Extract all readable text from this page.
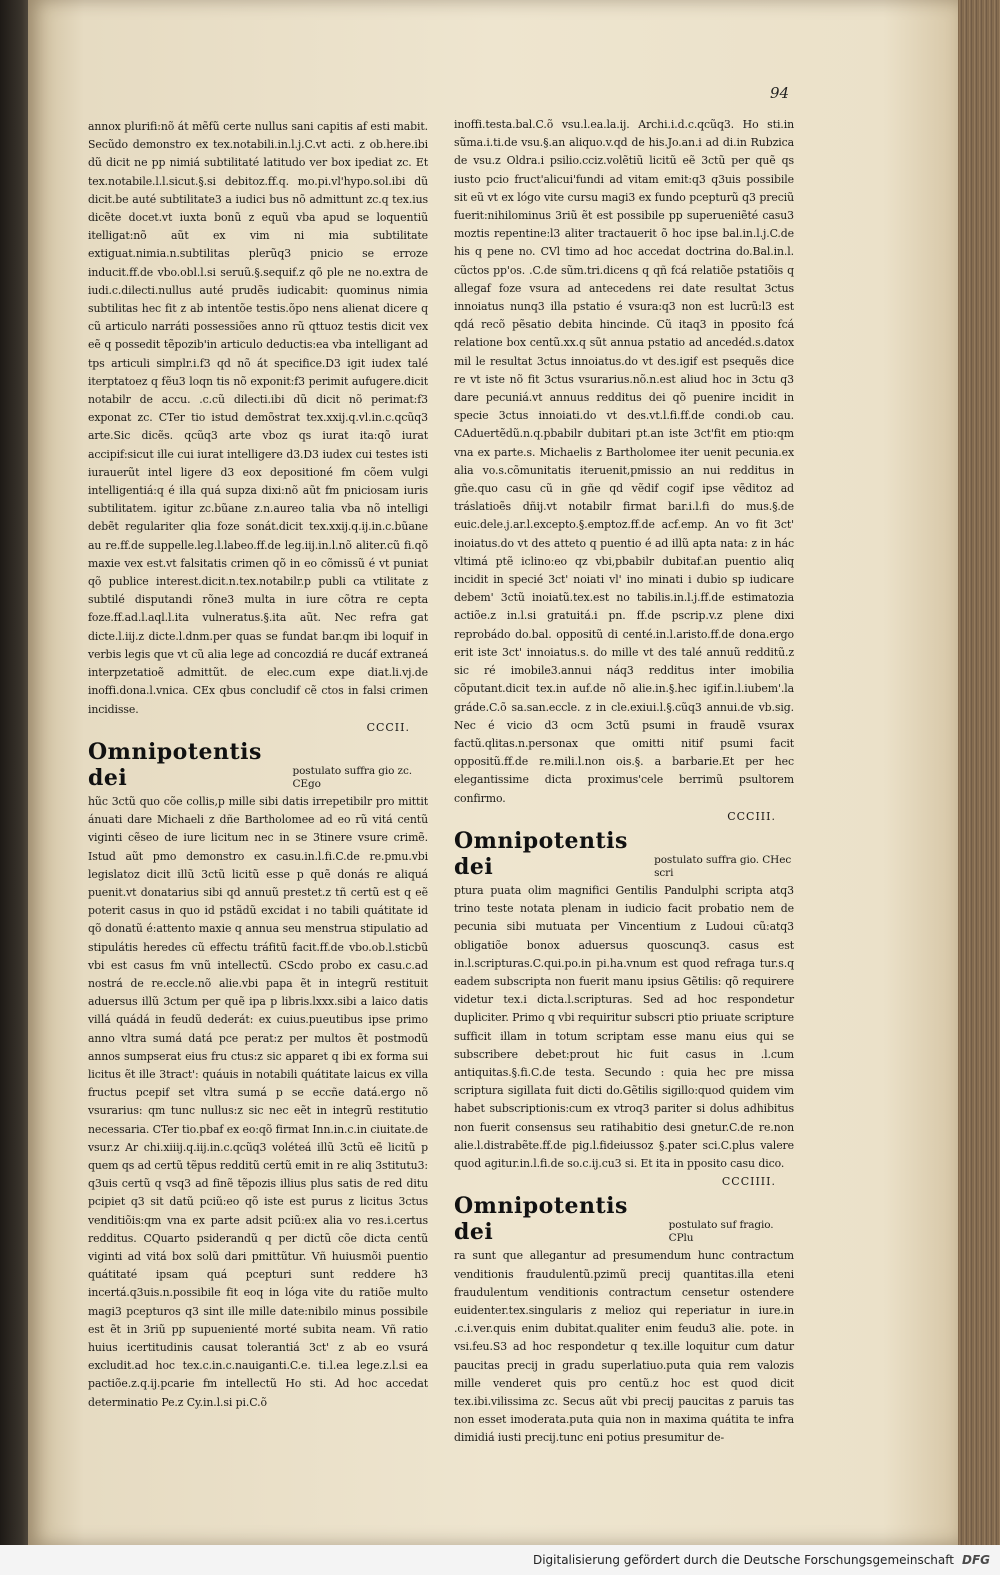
94

annox plurifi:nõ át mẽfũ certe nullus sani capitis af esti mabit. Secũdo demonstro ex tex.notabili.in.l.j.C.vt acti. z ob.here.ibi dũ dicit ne pp nimiá subtilitaté latitudo ver box ipediat zc. Et tex.notabile.l.l.sicut.§.si debitoz.ff.q. mo.pi.vl'hypo.sol.ibi dũ dicit.be auté subtilitate3 a iudici bus nõ admittunt zc.q tex.ius dicẽte docet.vt iuxta bonũ z equũ vba apud se loquentiũ itelligat:nõ aũt ex vim ni mia subtilitate extiguat.nimia.n.subtilitas plerũq3 pnicio se erroze inducit.ff.de vbo.obl.l.si seruũ.§.sequif.z qõ ple ne no.extra de iudi.c.dilecti.nullus auté prudẽs iudicabit: quominus nimia subtilitas hec fit z ab intentõe testis.õpo nens alienat dicere q cũ articulo narráti possessiões anno rũ qttuoz testis dicit vex eẽ q possedit tẽpozib'in articulo deductis:ea vba intelligant ad tps articuli simplr.i.f3 qd nõ át specifice.D3 igit iudex talé iterptatoez q fẽu3 loqn tis nõ exponit:f3 perimit aufugere.dicit notabilr de accu. .c.cũ dilecti.ibi dũ dicit nõ perimat:f3 exponat zc. CTer tio istud demõstrat tex.xxij.q.vl.in.c.qcũq3 arte.Sic dicẽs. qcũq3 arte vboz qs iurat ita:qõ iurat accipif:sicut ille cui iurat intelligere d3.D3 iudex cui testes isti iurauerũt intel ligere d3 eox depositioné fm cõem vulgi intelligentiá:q é illa quá supza dixi:nõ aũt fm pniciosam iuris subtilitatem. igitur zc.bũane z.n.aureo talia vba nõ intelligi debẽt regulariter qlia foze sonát.dicit tex.xxij.q.ij.in.c.bũane au re.ff.de suppelle.leg.l.labeo.ff.de leg.iij.in.l.nõ aliter.cũ fi.qõ maxie vex est.vt falsitatis crimen qõ in eo cõmissũ é vt puniat qõ publice interest.dicit.n.tex.notabilr.p publi ca vtilitate z subtilé disputandi rõne3 multa in iure cõtra re cepta foze.ff.ad.l.aql.l.ita vulneratus.§.ita aũt. Nec refra gat dicte.l.iij.z dicte.l.dnm.per quas se fundat bar.qm ibi loquif in verbis legis que vt cũ alia lege ad concozdiá re ducáf extraneá interpzetatioẽ admittũt. de elec.cum expe diat.li.vj.de inoffi.dona.l.vnica. CEx qbus concludif cẽ ctos in falsi crimen incidisse.

CCCII.
Omnipotentis dei	postulato suffra gio zc. CEgo

hũc 3ctũ quo cõe collis,p mille sibi datis irrepetibilr pro mittit ánuati dare Michaeli z dñe Bartholomee ad eo rũ vitá centũ viginti cẽseo de iure licitum nec in se 3tinere vsure crimẽ. Istud aũt pmo demonstro ex casu.in.l.fi.C.de re.pmu.vbi legislatoz dicit illũ 3ctũ licitũ esse p quẽ donás re aliquá puenit.vt donatarius sibi qd annuũ prestet.z tñ certũ est q eẽ poterit casus in quo id pstãdũ excidat i no tabili quátitate id qõ donatũ é:attento maxie q annua seu menstrua stipulatio ad stipulátis heredes cũ effectu tráfitũ facit.ff.de vbo.ob.l.sticbũ vbi est casus fm vnũ intellectũ. CScdo probo ex casu.c.ad nostrá de re.eccle.nõ alie.vbi papa ẽt in integrũ restituit aduersus illũ 3ctum per quẽ ipa p libris.lxxx.sibi a laico datis villá quádá in feudũ dederát: ex cuius.pueutibus ipse primo anno vltra sumá datá pce perat:z per multos ẽt postmodũ annos sumpserat eius fru ctus:z sic apparet q ibi ex forma sui licitus ẽt ille 3tract': quáuis in notabili quátitate laicus ex villa fructus pcepif set vltra sumá p se eccñe datá.ergo nõ vsurarius: qm tunc nullus:z sic nec eẽt in integrũ restitutio necessaria. CTer tio.pbaf ex eo:qõ firmat Inn.in.c.in ciuitate.de vsur.z Ar chi.xiiij.q.iij.in.c.qcũq3 voléteá illũ 3ctũ eẽ licitũ p quem qs ad certũ tẽpus redditũ certũ emit in re aliq 3stitutu3: q3uis certũ q vsq3 ad finẽ tẽpozis illius plus satis de red ditu pcipiet q3 sit datũ pciũ:eo qõ iste est purus z licitus 3ctus venditiõis:qm vna ex parte adsit pciũ:ex alia vo res.i.certus redditus. CQuarto psiderandũ q per dictũ cõe dicta centũ viginti ad vitá box solũ dari pmittũtur. Vñ huiusmõi puentio quátitaté ipsam quá pcepturi sunt reddere h3 incertá.q3uis.n.possibile fit eoq in lóga vite du ratiõe multo magi3 pcepturos q3 sint ille mille date:nibilo minus possibile est ẽt in 3riũ pp supuenienté morté subita neam. Vñ ratio huius icertitudinis causat tolerantiá 3ct' z ab eo vsurá excludit.ad hoc tex.c.in.c.nauiganti.C.e. ti.l.ea lege.z.l.si ea pactiõe.z.q.ij.pcarie fm intellectũ Ho sti. Ad hoc accedat determinatio Pe.z Cy.in.l.si pi.C.õ

inoffi.testa.bal.C.õ vsu.l.ea.la.ij. Archi.i.d.c.qcũq3. Ho sti.in sũma.i.ti.de vsu.§.an aliquo.v.qd de his.Jo.an.i ad di.in Rubzica de vsu.z Oldra.i psilio.cciz.volẽtiũ licitũ eẽ 3ctũ per quẽ qs iusto pcio fruct'alicui'fundi ad vitam emit:q3 q3uis possibile sit eũ vt ex lógo vite cursu magi3 ex fundo pcepturũ q3 preciũ fuerit:nihilominus 3riũ ẽt est possibile pp superueniẽté casu3 moztis repentine:l3 aliter tractauerit õ hoc ipse bal.in.l.j.C.de his q pene no. CVl timo ad hoc accedat doctrina do.Bal.in.l. cũctos pp'os. .C.de sũm.tri.dicens q qñ fcá relatiõe pstatiõis q allegaf foze vsura ad antecedens rei date resultat 3ctus innoiatus nunq3 illa pstatio é vsura:q3 non est lucrũ:l3 est qdá recõ pẽsatio debita hincinde. Cũ itaq3 in pposito fcá relatione box centũ.xx.q sũt annua pstatio ad ancedéd.s.datox mil le resultat 3ctus innoiatus.do vt des.igif est psequẽs dice re vt iste nõ fit 3ctus vsurarius.nõ.n.est aliud hoc in 3ctu q3 dare pecuniá.vt annuus redditus dei qõ puenire incidit in specie 3ctus innoiati.do vt des.vt.l.fi.ff.de condi.ob cau. CAduertẽdũ.n.q.pbabilr dubitari pt.an iste 3ct'fit em ptio:qm vna ex parte.s. Michaelis z Bartholomee iter uenit pecunia.ex alia vo.s.cõmunitatis iteruenit,pmissio an nui redditus in gñe.quo casu cũ in gñe qd vẽdif cogif ipse vẽditoz ad tráslatioẽs dñij.vt notabilr firmat bar.i.l.fi do mus.§.de euic.dele.j.ar.l.excepto.§.emptoz.ff.de acf.emp. An vo fit 3ct' inoiatus.do vt des atteto q puentio é ad illũ apta nata: z in hác vltimá ptẽ iclino:eo qz vbi,pbabilr dubitaf.an puentio aliq incidit in specié 3ct' noiati vl' ino minati i dubio sp iudicare debem' 3ctũ inoiatũ.tex.est no tabilis.in.l.j.ff.de estimatozia actiõe.z in.l.si gratuitá.i pn. ff.de pscrip.v.z plene dixi reprobádo do.bal. oppositũ di centé.in.l.aristo.ff.de dona.ergo erit iste 3ct' innoiatus.s. do mille vt des talé annuũ redditũ.z sic ré imobile3.annui náq3 redditus inter imobilia cõputant.dicit tex.in auf.de nõ alie.in.§.hec igif.in.l.iubem'.la gráde.C.õ sa.san.eccle. z in cle.exiui.l.§.cũq3 annui.de vb.sig. Nec é vicio d3 ocm 3ctũ psumi in fraudẽ vsurax factũ.qlitas.n.personax que omitti nitif psumi facit oppositũ.ff.de re.mili.l.non ois.§. a barbarie.Et per hec elegantissime dicta proximus'cele berrimũ psultorem confirmo.

CCCIII.
Omnipotentis dei	postulato suffra gio. CHec scri

ptura puata olim magnifici Gentilis Pandulphi scripta atq3 trino teste notata plenam in iudicio facit probatio nem de pecunia sibi mutuata per Vincentium z Ludoui cũ:atq3 obligatiõe bonox aduersus quoscunq3. casus est in.l.scripturas.C.qui.po.in pi.ha.vnum est quod refraga tur.s.q eadem subscripta non fuerit manu ipsius Gẽtilis: qõ requirere videtur tex.i dicta.l.scripturas. Sed ad hoc respondetur dupliciter. Primo q vbi requiritur subscri ptio priuate scripture sufficit illam in totum scriptam esse manu eius qui se subscribere debet:prout hic fuit casus in .l.cum antiquitas.§.fi.C.de testa. Secundo : quia hec pre missa scriptura sigillata fuit dicti do.Gẽtilis sigillo:quod quidem vim habet subscriptionis:cum ex vtroq3 pariter si dolus adhibitus non fuerit consensus seu ratihabitio desi gnetur.C.de re.non alie.l.distrabẽte.ff.de pig.l.fideiussoz §.pater sci.C.plus valere quod agitur.in.l.fi.de so.c.ij.cu3 si. Et ita in pposito casu dico.

CCCIIII.
Omnipotentis dei	postulato suf fragio. CPlu

ra sunt que allegantur ad presumendum hunc contractum venditionis fraudulentũ.pzimũ precij quantitas.illa eteni fraudulentum venditionis contractum censetur ostendere euidenter.tex.singularis z melioz qui reperiatur in iure.in .c.i.ver.quis enim dubitat.qualiter enim feudu3 alie. pote. in vsi.feu.S3 ad hoc respondetur q tex.ille loquitur cum datur paucitas precij in gradu superlatiuo.puta quia rem valozis mille venderet quis pro centũ.z hoc est quod dicit tex.ibi.vilissima zc. Secus aũt vbi precij paucitas z paruis tas non esset imoderata.puta quia non in maxima quátita te infra dimidiá iusti precij.tunc eni potius presumitur de-

Digitalisierung gefördert durch die Deutsche Forschungsgemeinschaft DFG
